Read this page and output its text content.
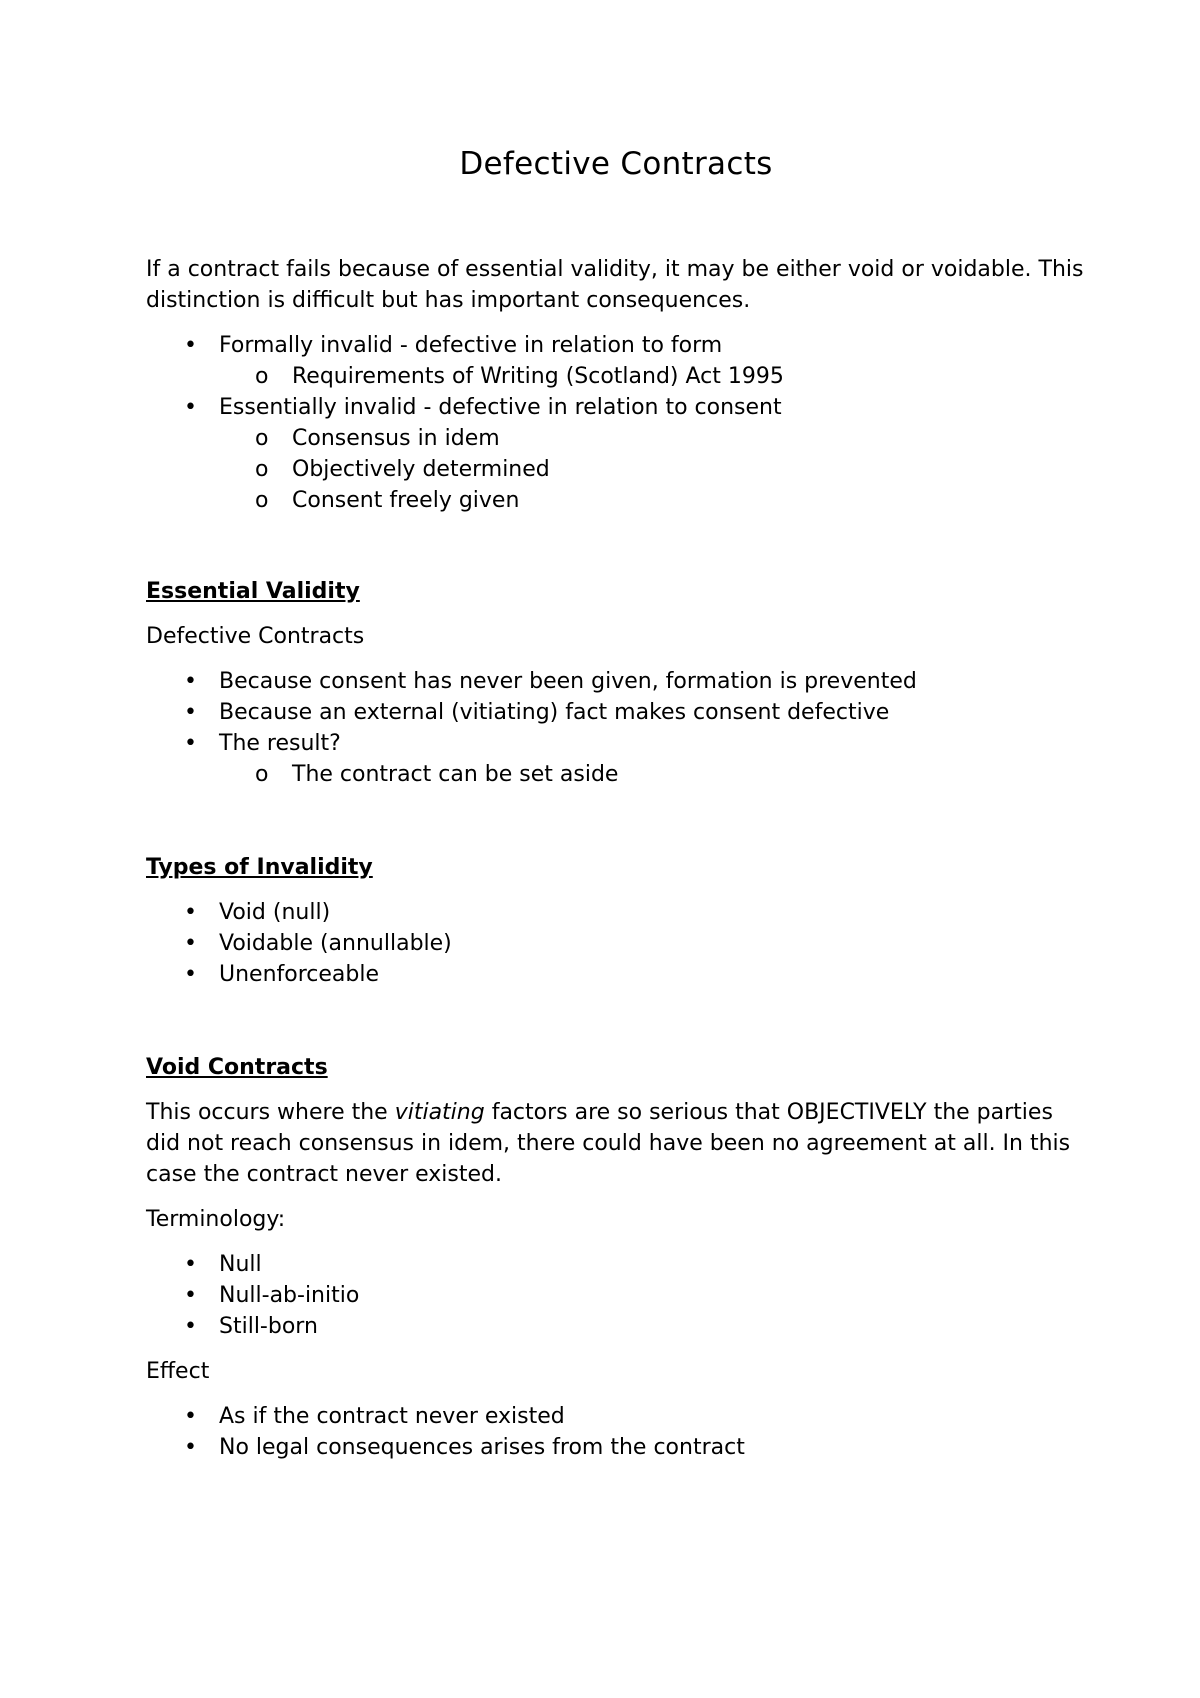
Defective Contracts

If a contract fails because of essential validity, it may be either void or voidable. This distinction is difficult but has important consequences.

• Formally invalid - defective in relation to form
o Requirements of Writing (Scotland) Act 1995
• Essentially invalid - defective in relation to consent
o Consensus in idem
o Objectively determined
o Consent freely given

Essential Validity

Defective Contracts

• Because consent has never been given, formation is prevented
• Because an external (vitiating) fact makes consent defective
• The result?
o The contract can be set aside

Types of Invalidity

• Void (null)
• Voidable (annullable)
• Unenforceable

Void Contracts

This occurs where the vitiating factors are so serious that OBJECTIVELY the parties did not reach consensus in idem, there could have been no agreement at all. In this case the contract never existed.

Terminology:

• Null
• Null-ab-initio
• Still-born

Effect

• As if the contract never existed
• No legal consequences arises from the contract
